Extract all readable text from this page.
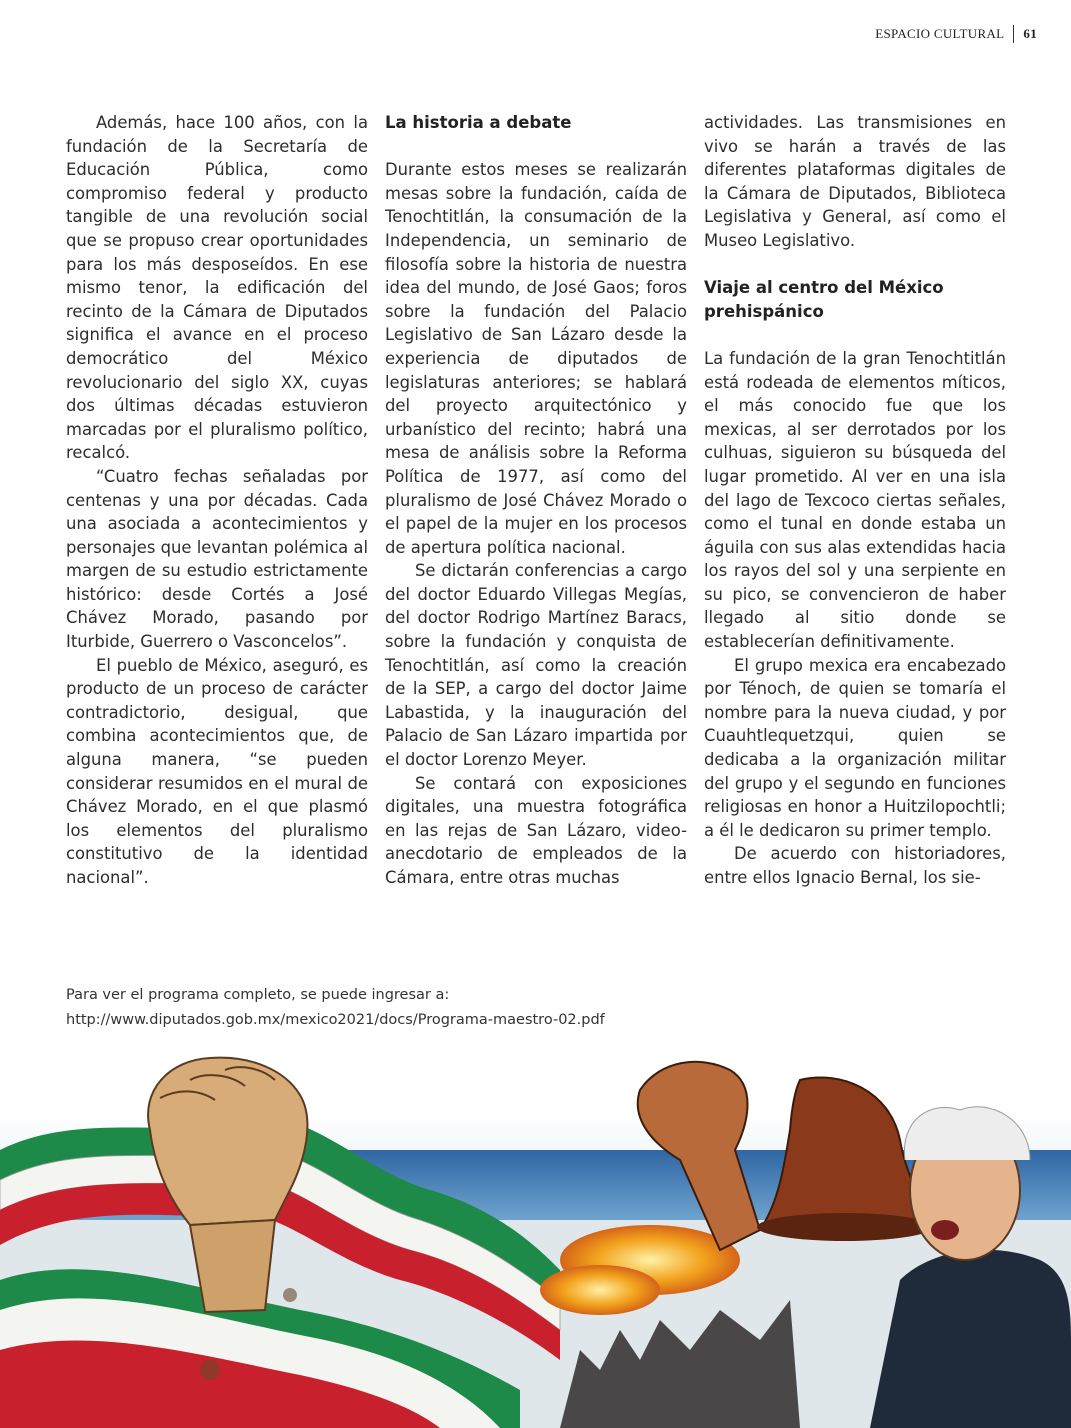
ESPACIO CULTURAL 61

Además, hace 100 años, con la fundación de la Secretaría de Educación Pública, como compromiso federal y producto tangible de una revolución social que se propuso crear oportunidades para los más desposeídos. En ese mismo tenor, la edificación del recinto de la Cámara de Diputados significa el avance en el proceso democrático del México revolucionario del siglo XX, cuyas dos últimas décadas estuvieron marcadas por el pluralismo político, recalcó.

“Cuatro fechas señaladas por centenas y una por décadas. Cada una asociada a acontecimientos y personajes que levantan polémica al margen de su estudio estrictamente histórico: desde Cortés a José Chávez Morado, pasando por Iturbide, Guerrero o Vasconcelos”.

El pueblo de México, aseguró, es producto de un proceso de carácter contradictorio, desigual, que combina acontecimientos que, de alguna manera, “se pueden considerar resumidos en el mural de Chávez Morado, en el que plasmó los elementos del pluralismo constitutivo de la identidad nacional”.

La historia a debate

Durante estos meses se realizarán mesas sobre la fundación, caída de Tenochtitlán, la consumación de la Independencia, un seminario de filosofía sobre la historia de nuestra idea del mundo, de José Gaos; foros sobre la fundación del Palacio Legislativo de San Lázaro desde la experiencia de diputados de legislaturas anteriores; se hablará del proyecto arquitectónico y urbanístico del recinto; habrá una mesa de análisis sobre la Reforma Política de 1977, así como del pluralismo de José Chávez Morado o el papel de la mujer en los procesos de apertura política nacional.

Se dictarán conferencias a cargo del doctor Eduardo Villegas Megías, del doctor Rodrigo Martínez Baracs, sobre la fundación y conquista de Tenochtitlán, así como la creación de la SEP, a cargo del doctor Jaime Labastida, y la inauguración del Palacio de San Lázaro impartida por el doctor Lorenzo Meyer.

Se contará con exposiciones digitales, una muestra fotográfica en las rejas de San Lázaro, video-anecdotario de empleados de la Cámara, entre otras muchas

actividades. Las transmisiones en vivo se harán a través de las diferentes plataformas digitales de la Cámara de Diputados, Biblioteca Legislativa y General, así como el Museo Legislativo.

Viaje al centro del México prehispánico

La fundación de la gran Tenochtitlán está rodeada de elementos míticos, el más conocido fue que los mexicas, al ser derrotados por los culhuas, siguieron su búsqueda del lugar prometido. Al ver en una isla del lago de Texcoco ciertas señales, como el tunal en donde estaba un águila con sus alas extendidas hacia los rayos del sol y una serpiente en su pico, se convencieron de haber llegado al sitio donde se establecerían definitivamente.

El grupo mexica era encabezado por Ténoch, de quien se tomaría el nombre para la nueva ciudad, y por Cuauhtlequetzqui, quien se dedicaba a la organización militar del grupo y el segundo en funciones religiosas en honor a Huitzilopochtli; a él le dedicaron su primer templo.

De acuerdo con historiadores, entre ellos Ignacio Bernal, los sie-

Para ver el programa completo, se puede ingresar a:
http://www.diputados.gob.mx/mexico2021/docs/Programa-maestro-02.pdf
